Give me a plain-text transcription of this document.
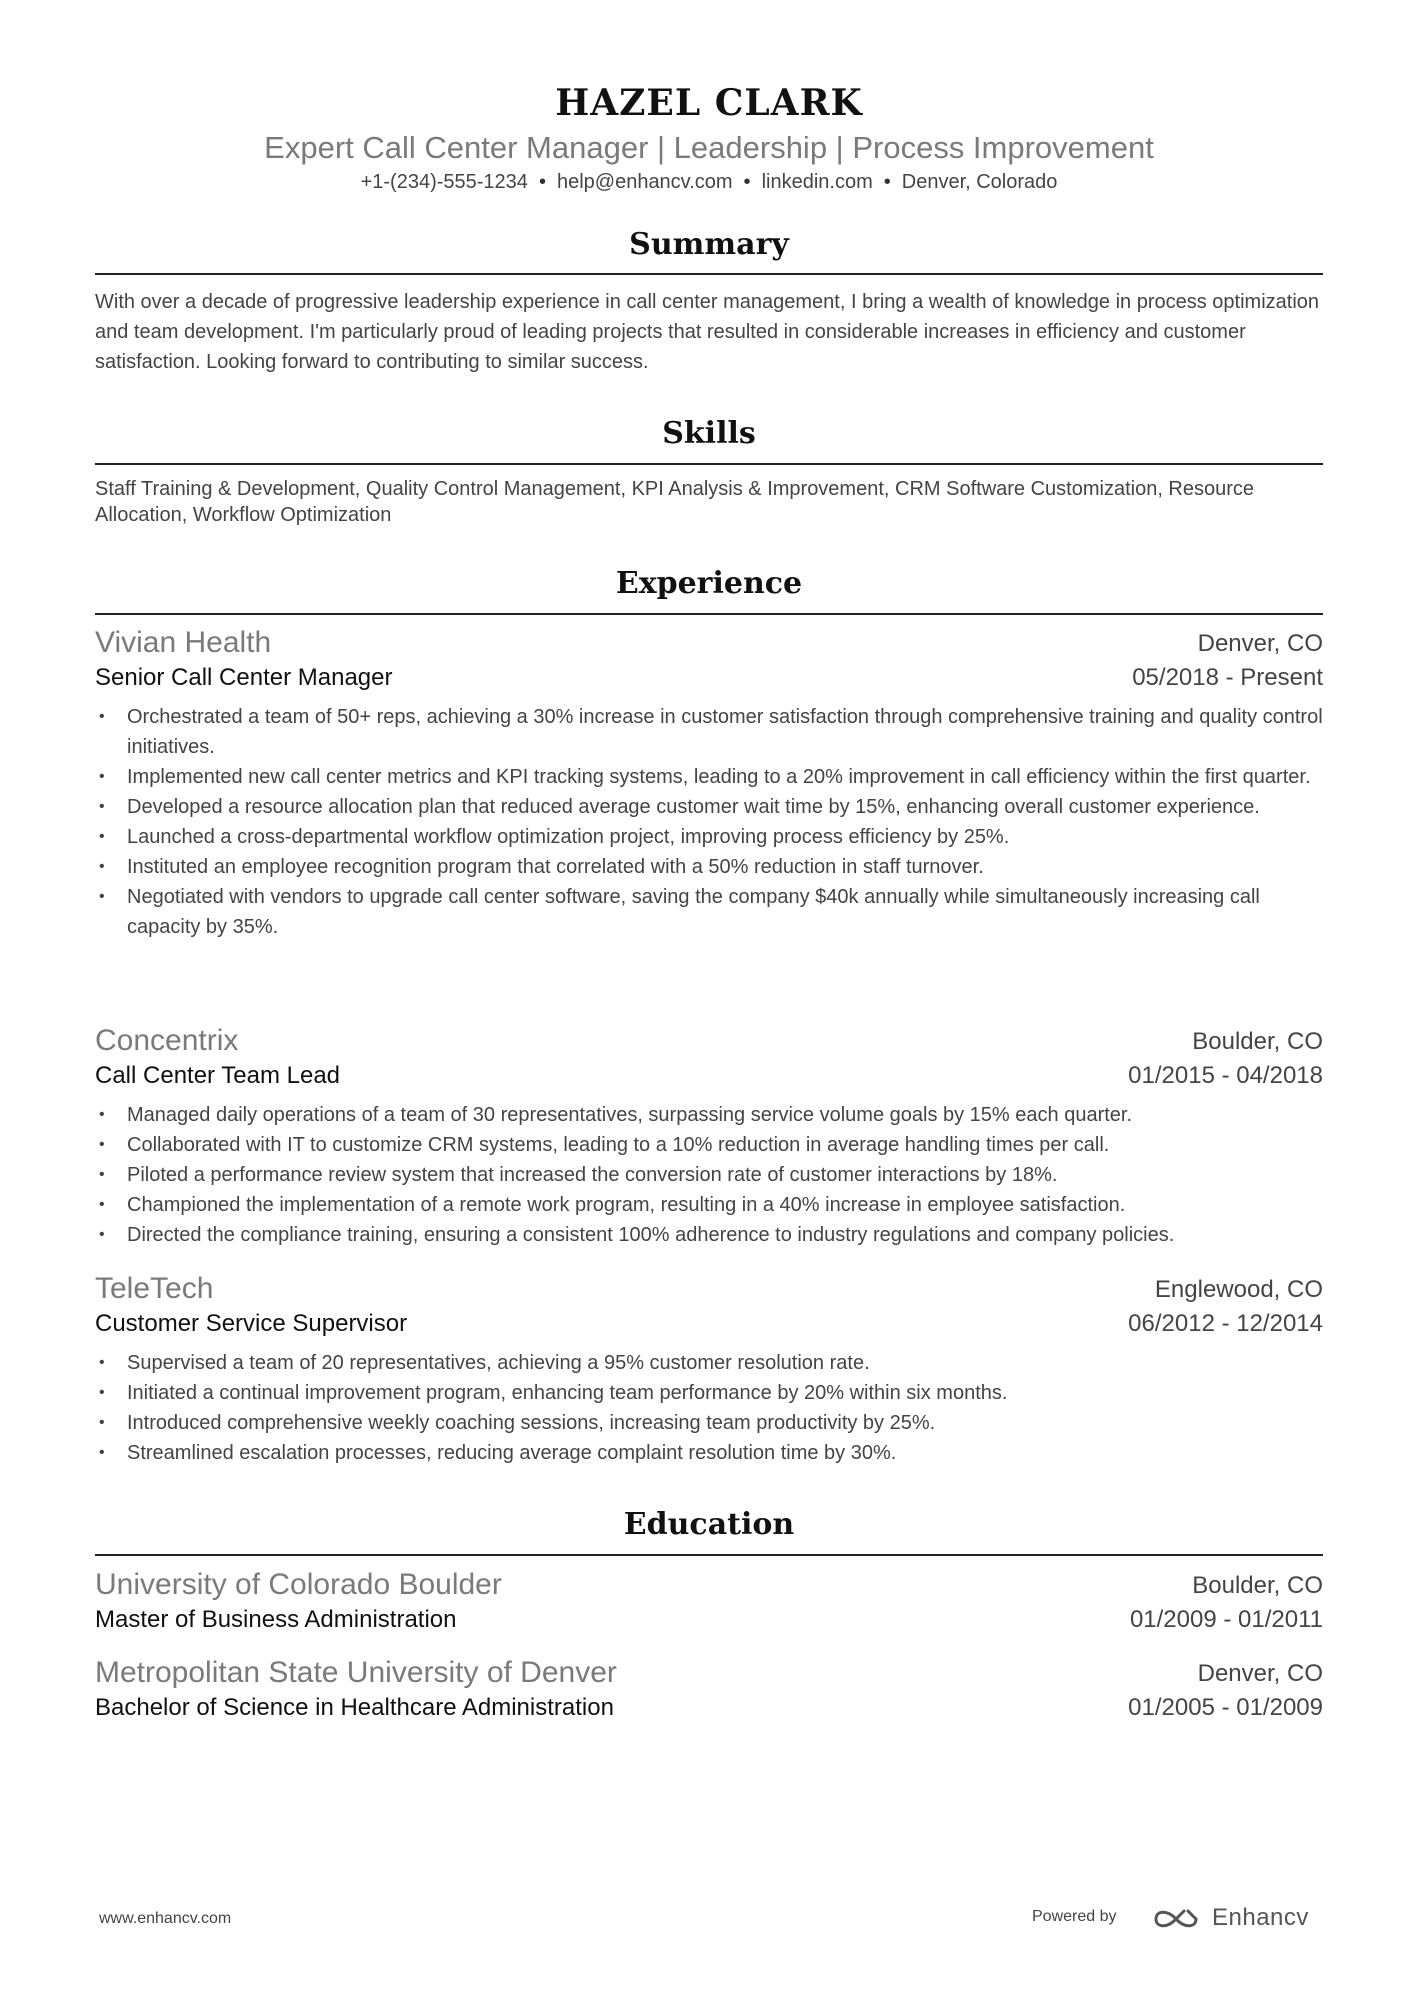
HAZEL CLARK
Expert Call Center Manager | Leadership | Process Improvement
+1-(234)-555-1234 • help@enhancv.com • linkedin.com • Denver, Colorado
Summary
With over a decade of progressive leadership experience in call center management, I bring a wealth of knowledge in process optimization and team development. I'm particularly proud of leading projects that resulted in considerable increases in efficiency and customer satisfaction. Looking forward to contributing to similar success.
Skills
Staff Training & Development, Quality Control Management, KPI Analysis & Improvement, CRM Software Customization, Resource Allocation, Workflow Optimization
Experience
Vivian Health	Denver, CO
Senior Call Center Manager	05/2018 - Present
• Orchestrated a team of 50+ reps, achieving a 30% increase in customer satisfaction through comprehensive training and quality control initiatives.
• Implemented new call center metrics and KPI tracking systems, leading to a 20% improvement in call efficiency within the first quarter.
• Developed a resource allocation plan that reduced average customer wait time by 15%, enhancing overall customer experience.
• Launched a cross-departmental workflow optimization project, improving process efficiency by 25%.
• Instituted an employee recognition program that correlated with a 50% reduction in staff turnover.
• Negotiated with vendors to upgrade call center software, saving the company $40k annually while simultaneously increasing call capacity by 35%.
Concentrix	Boulder, CO
Call Center Team Lead	01/2015 - 04/2018
• Managed daily operations of a team of 30 representatives, surpassing service volume goals by 15% each quarter.
• Collaborated with IT to customize CRM systems, leading to a 10% reduction in average handling times per call.
• Piloted a performance review system that increased the conversion rate of customer interactions by 18%.
• Championed the implementation of a remote work program, resulting in a 40% increase in employee satisfaction.
• Directed the compliance training, ensuring a consistent 100% adherence to industry regulations and company policies.
TeleTech	Englewood, CO
Customer Service Supervisor	06/2012 - 12/2014
• Supervised a team of 20 representatives, achieving a 95% customer resolution rate.
• Initiated a continual improvement program, enhancing team performance by 20% within six months.
• Introduced comprehensive weekly coaching sessions, increasing team productivity by 25%.
• Streamlined escalation processes, reducing average complaint resolution time by 30%.
Education
University of Colorado Boulder	Boulder, CO
Master of Business Administration	01/2009 - 01/2011
Metropolitan State University of Denver	Denver, CO
Bachelor of Science in Healthcare Administration	01/2005 - 01/2009
www.enhancv.com	Powered by	Enhancv
